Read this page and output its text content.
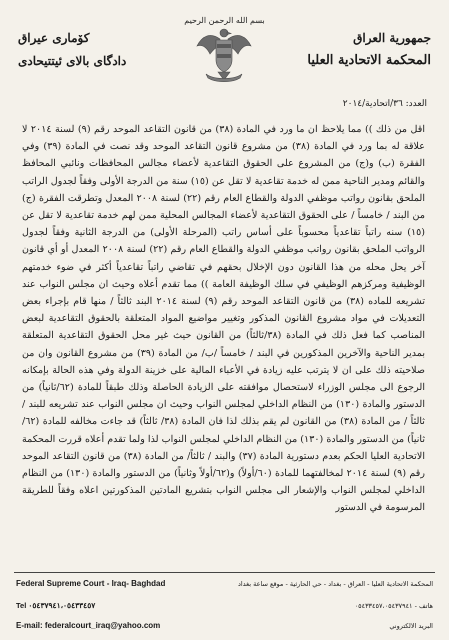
بسم الله الرحمن الرحيم
جمهورية العراق
المحكمة الاتحادية العليا
كۆماری عیراق
دادگای بالای ئیتتیحادی
العدد: ٣٦/اتحادية/٢٠١٤

اقل من ذلك )) مما يلاحظ ان ما ورد في المادة (٣٨) من قانون التقاعد الموحد رقم (٩) لسنة ٢٠١٤ لا علاقة له بما ورد في المادة (٣٨) من مشروع قانون التقاعد الموحد وقد نصت في المادة (٣٩) وفي الفقرة (ب) و(ج) من المشروع على الحقوق التقاعدية لأعضاء مجالس المحافظات ونائبي المحافظ والقائم ومدير الناحية ممن له خدمة تقاعدية لا تقل عن (١٥) سنة من الدرجة الأولى وفقاً لجدول الراتب الملحق بقانون رواتب موظفي الدولة والقطاع العام رقم (٢٢) لسنة ٢٠٠٨ المعدل وتطرقت الفقرة (ج) من البند / خامساً / على الحقوق التقاعدية لأعضاء المجالس المحلية ممن لهم خدمة تقاعدية لا تقل عن (١٥) سنه راتباً تقاعدياً محسوباً على أساس راتب (المرحلة الأولى) من الدرجة الثانية وفقاً لجدول الرواتب الملحق بقانون رواتب موظفي الدولة والقطاع العام رقم (٢٢) لسنة ٢٠٠٨ المعدل أو أي قانون آخر يحل محله من هذا القانون دون الإخلال بحقهم في تقاضي راتباً تقاعدياً أكثر في ضوء خدمتهم الوظيفية ومركزهم الوظيفي في سلك الوظيفة العامة )) مما تقدم أعلاه وحيث ان مجلس النواب عند تشريعه للماده (٣٨) من قانون التقاعد الموحد رقم (٩) لسنة ٢٠١٤ البند ثالثاً / منها قام بإجراء بعض التعديلات في مواد مشروع القانون المذكور وتغيير مواضيع المواد المتعلقة بالحقوق التقاعدية لبعض المناصب كما فعل ذلك في المادة (٣٨/ثالثاً) من القانون حيث غير محل الحقوق التقاعدية المتعلقة بمدير الناحية والآخرين المذكورين في البند / خامساً /ب/ من المادة (٣٩) من مشروع القانون وان من صلاحيته ذلك على ان لا يترتب عليه زيادة في الأعباء المالية على خزينة الدولة وفي هذه الحالة بإمكانه الرجوع الى مجلس الوزراء لاستحصال موافقته على الزيادة الحاصلة وذلك طبقاً للمادة (٦٢/ثانياً) من الدستور والمادة (١٣٠) من النظام الداخلي لمجلس النواب وحيث ان مجلس النواب عند تشريعه للبند / ثالثاً / من المادة (٣٨) من القانون لم يقم بذلك لذا فان المادة (٣٨/ ثالثاً) قد جاءت مخالفه للمادة (٦٢/ ثانياً) من الدستور والمادة (١٣٠) من النظام الداخلي لمجلس النواب لذا ولما تقدم أعلاه قررت المحكمة الاتحادية العليا الحكم بعدم دستورية المادة (٣٧) والبند / ثالثاً/ من المادة (٣٨) من قانون التقاعد الموحد رقم (٩) لسنة ٢٠١٤ لمخالفتهما للمادة (٦٠/أولاً) و(٦٢/أولاً وثانياً) من الدستور والمادة (١٣٠) من النظام الداخلي لمجلس النواب والإشعار الى مجلس النواب بتشريع المادتين المذكورتين اعلاه وفقاً للطريقة المرسومة في الدستور

Federal Supreme Court - Iraq- Baghdad
Tel ٠٥٤٣٧٩٤١،٠٥٤٣٣٤٥٧
E-mail: federalcourt_iraq@yahoo.com
المحكمة الاتحادية العليا - العراق - بغداد - حي الحارثية - موقع ساعة بغداد
هاتف - ٠٥٤٣٣٤٥٧،٠٥٤٣٧٩٤١
البريد الالكتروني
